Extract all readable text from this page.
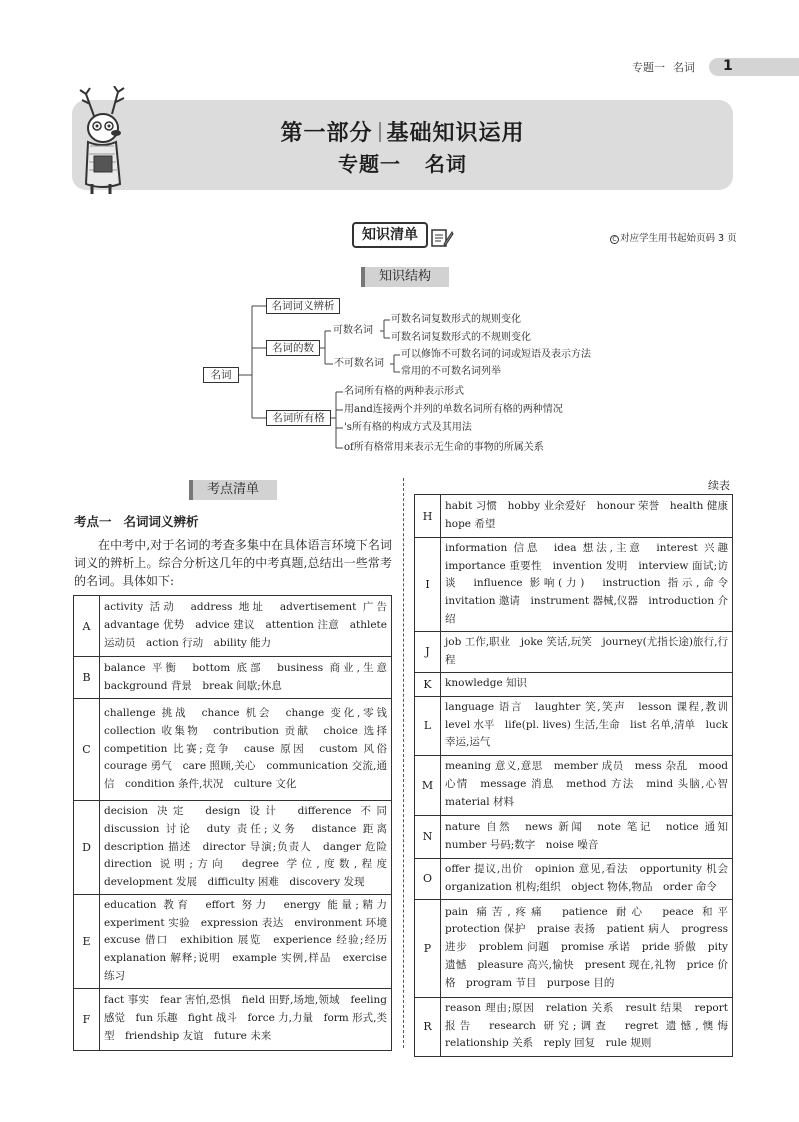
专题一 名词	1
第一部分 基础知识运用
专题一   名词
知识清单	C 对应学生用书起始页码 3 页
知识结构
名词
名词词义辨析
名词的数
名词所有格
可数名词
可数名词复数形式的规则变化
可数名词复数形式的不规则变化
不可数名词
可以修饰不可数名词的词或短语及表示方法
常用的不可数名词列举
名词所有格的两种表示形式
用and连接两个并列的单数名词所有格的两种情况
's所有格的构成方式及其用法
of所有格常用来表示无生命的事物的所属关系
考点清单	续表
考点一 名词词义辨析

在中考中,对于名词的考查多集中在具体语言环境下名词词义的辨析上。综合分析这几年的中考真题,总结出一些常考的名词。具体如下:

A	activity 活动　address 地址　advertisement 广告　advantage 优势　advice 建议　attention 注意　athlete 运动员　action 行动　ability 能力
B	balance 平衡　bottom 底部　business 商业,生意　background 背景　break 间歇;休息
C	challenge 挑战　chance 机会　change 变化,零钱　collection 收集物　contribution 贡献　choice 选择　competition 比赛;竞争　cause 原因　custom 风俗　courage 勇气　care 照顾,关心　communication 交流,通信　condition 条件,状况　culture 文化
D	decision 决定　design 设计　difference 不同　discussion 讨论　duty 责任;义务　distance 距离　description 描述　director 导演;负责人　danger 危险　direction 说明;方向　degree 学位,度数,程度　development 发展　difficulty 困难　discovery 发现
E	education 教育　effort 努力　energy 能量;精力　experiment 实验　expression 表达　environment 环境　excuse 借口　exhibition 展览　experience 经验;经历　explanation 解释;说明　example 实例,样品　exercise 练习
F	fact 事实　fear 害怕,恐惧　field 田野,场地,领域　feeling 感觉　fun 乐趣　fight 战斗　force 力,力量　form 形式,类型　friendship 友谊　future 未来
H	habit 习惯　hobby 业余爱好　honour 荣誉　health 健康　hope 希望
I	information 信息　idea 想法,主意　interest 兴趣　importance 重要性　invention 发明　interview 面试;访谈　influence 影响(力)　instruction 指示,命令　invitation 邀请　instrument 器械,仪器　introduction 介绍
J	job 工作,职业　joke 笑话,玩笑　journey(尤指长途)旅行,行程
K	knowledge 知识
L	language 语言　laughter 笑,笑声　lesson 课程,教训　level 水平　life(pl. lives) 生活,生命　list 名单,清单　luck 幸运,运气
M	meaning 意义,意思　member 成员　mess 杂乱　mood 心情　message 消息　method 方法　mind 头脑,心智　material 材料
N	nature 自然　news 新闻　note 笔记　notice 通知　number 号码;数字　noise 噪音
O	offer 提议,出价　opinion 意见,看法　opportunity 机会　organization 机构;组织　object 物体,物品　order 命令
P	pain 痛苦,疼痛　patience 耐心　peace 和平　protection 保护　praise 表扬　patient 病人　progress 进步　problem 问题　promise 承诺　pride 骄傲　pity 遗憾　pleasure 高兴,愉快　present 现在,礼物　price 价格　program 节目　purpose 目的
R	reason 理由;原因　relation 关系　result 结果　report 报告　research 研究;调查　regret 遗憾,懊悔　relationship 关系　reply 回复　rule 规则
